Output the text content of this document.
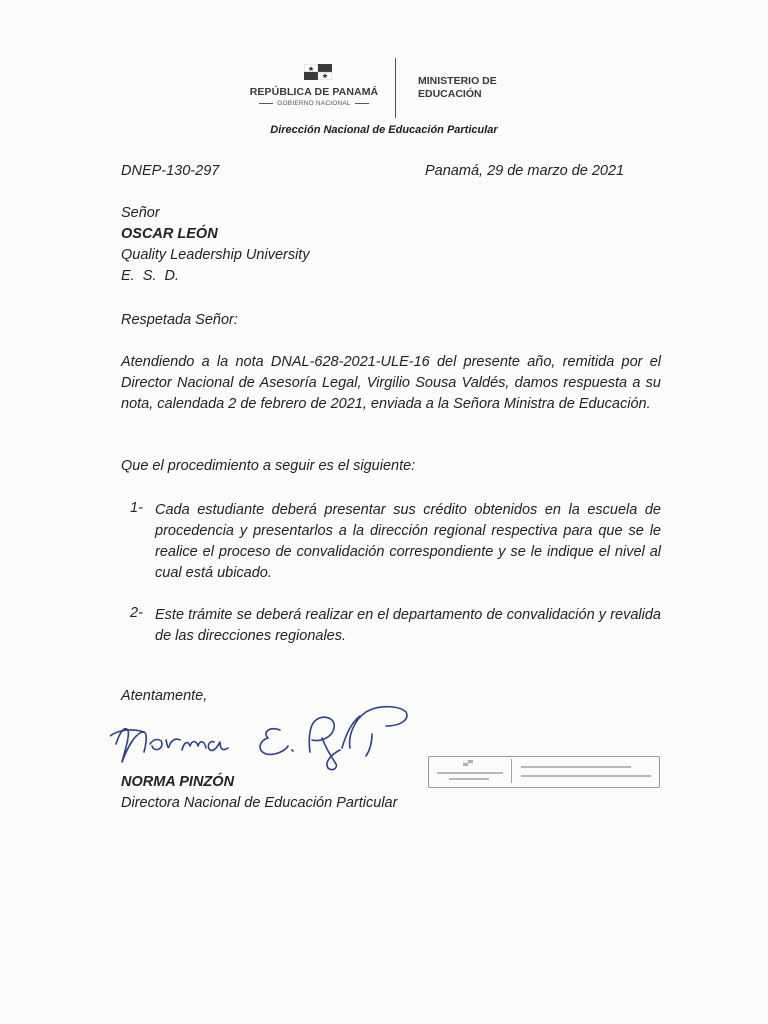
REPÚBLICA DE PANAMÁ
GOBIERNO NACIONAL
MINISTERIO DE
EDUCACIÓN
Dirección Nacional de Educación Particular
DNEP-130-297	Panamá, 29 de marzo de 2021
Señor
OSCAR LEÓN
Quality Leadership University
E.  S.  D.
Respetada Señor:
Atendiendo a la nota DNAL-628-2021-ULE-16 del presente año, remitida por el Director Nacional de Asesoría Legal, Virgilio Sousa Valdés, damos respuesta a su nota, calendada 2 de febrero de 2021, enviada a la Señora Ministra de Educación.
Que el procedimiento a seguir es el siguiente:
1- Cada estudiante deberá presentar sus crédito obtenidos en la escuela de procedencia y presentarlos a la dirección regional respectiva para que se le realice el proceso de convalidación correspondiente y se le indique el nivel al cual está ubicado.
2- Este trámite se deberá realizar en el departamento de convalidación y revalida de las direcciones regionales.
Atentamente,
NORMA PINZÓN
Directora Nacional de Educación Particular
